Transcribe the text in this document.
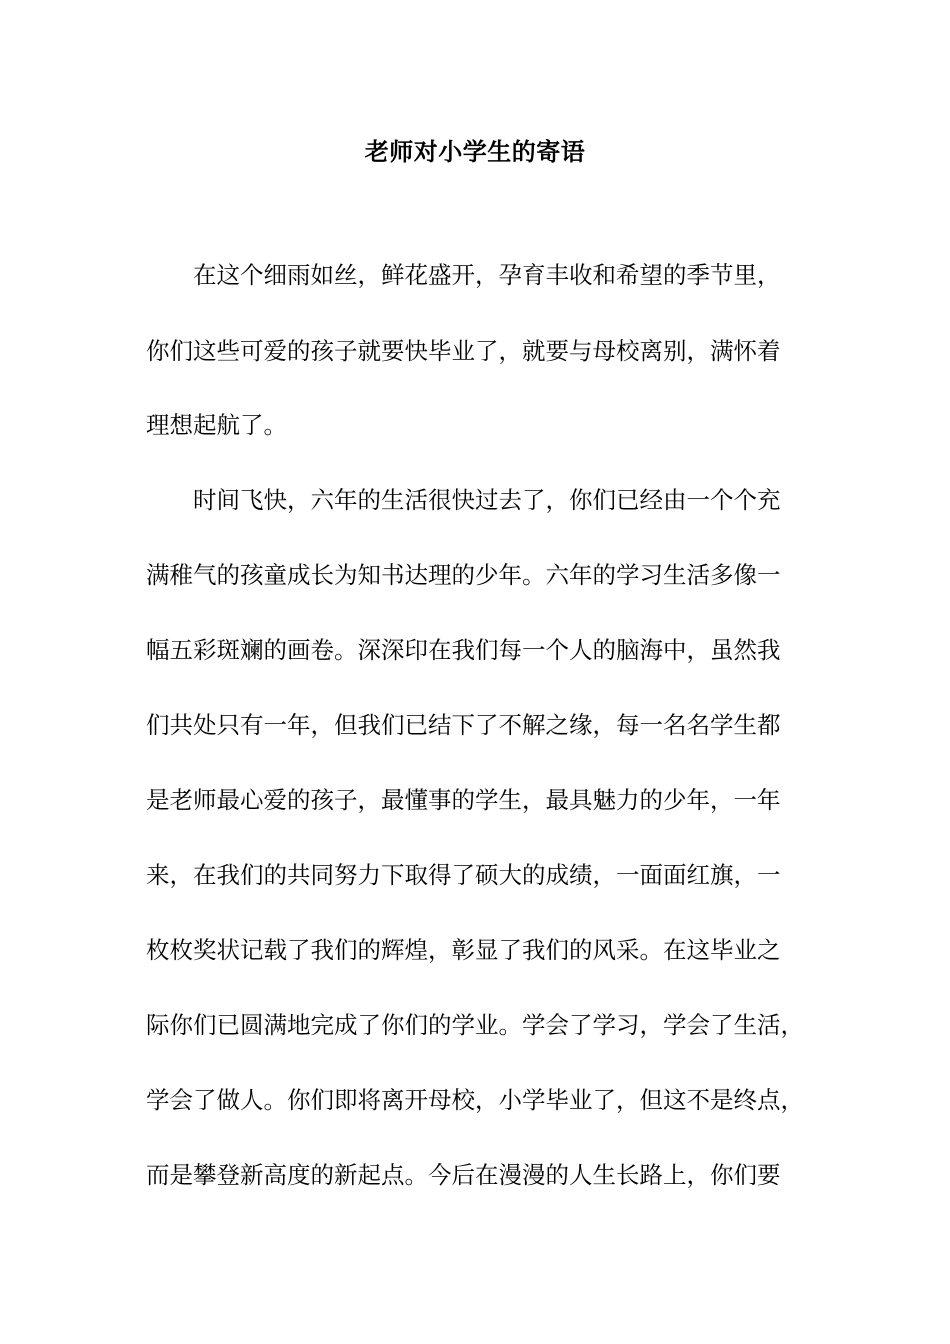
老师对小学生的寄语
在这个细雨如丝，鲜花盛开，孕育丰收和希望的季节里，
你们这些可爱的孩子就要快毕业了，就要与母校离别，满怀着
理想起航了。
时间飞快，六年的生活很快过去了，你们已经由一个个充
满稚气的孩童成长为知书达理的少年。六年的学习生活多像一
幅五彩斑斓的画卷。深深印在我们每一个人的脑海中，虽然我
们共处只有一年，但我们已结下了不解之缘，每一名名学生都
是老师最心爱的孩子，最懂事的学生，最具魅力的少年，一年
来，在我们的共同努力下取得了硕大的成绩，一面面红旗，一
枚枚奖状记载了我们的辉煌，彰显了我们的风采。在这毕业之
际你们已圆满地完成了你们的学业。学会了学习，学会了生活，
学会了做人。你们即将离开母校，小学毕业了，但这不是终点，
而是攀登新高度的新起点。今后在漫漫的人生长路上，你们要
